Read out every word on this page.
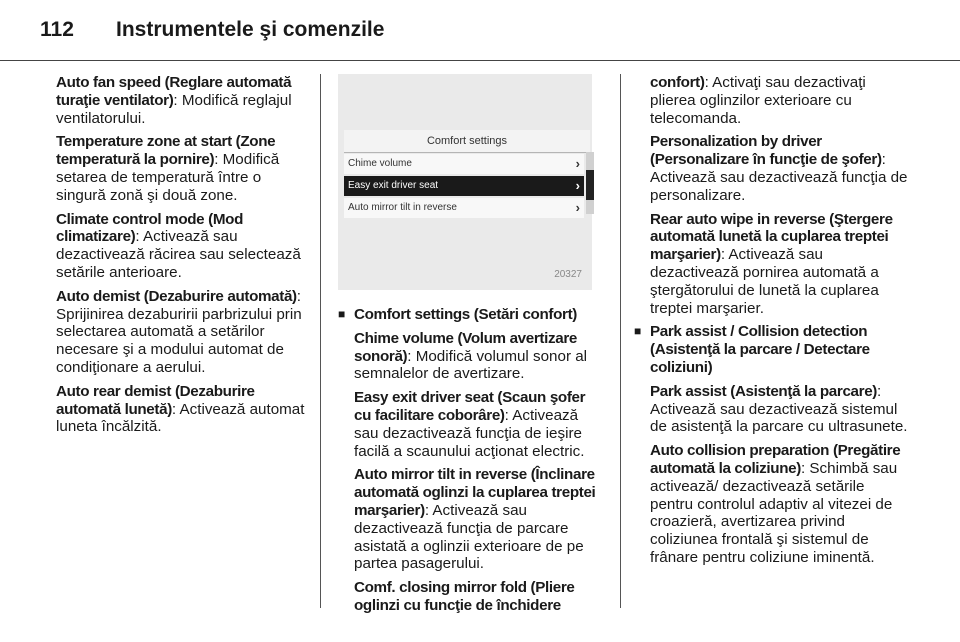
112	Instrumentele şi comenzile

Auto fan speed (Reglare automată turaţie ventilator): Modifică reglajul ventilatorului.

Temperature zone at start (Zone temperatură la pornire): Modifică setarea de temperatură între o singură zonă şi două zone.

Climate control mode (Mod climatizare): Activează sau dezactivează răcirea sau selectează setările anterioare.

Auto demist (Dezaburire automată): Sprijinirea dezaburirii parbrizului prin selectarea automată a setărilor necesare şi a modului automat de condiţionare a aerului.

Auto rear demist (Dezaburire automată lunetă): Activează automat luneta încălzită.

Comfort settings
Chime volume	›
Easy exit driver seat	›
Auto mirror tilt in reverse	›
20327
■ Comfort settings (Setări confort)

Chime volume (Volum avertizare sonoră): Modifică volumul sonor al semnalelor de avertizare.

Easy exit driver seat (Scaun şofer cu facilitare coborâre): Activează sau dezactivează funcţia de ieşire facilă a scaunului acţionat electric.

Auto mirror tilt in reverse (Înclinare automată oglinzi la cuplarea treptei marşarier): Activează sau dezactivează funcţia de parcare asistată a oglinzii exterioare de pe partea pasagerului.

Comf. closing mirror fold (Pliere oglinzi cu funcţie de închidere

confort): Activaţi sau dezactivaţi plierea oglinzilor exterioare cu telecomanda.

Personalization by driver (Personalizare în funcţie de şofer): Activează sau dezactivează funcţia de personalizare.

Rear auto wipe in reverse (Ştergere automată lunetă la cuplarea treptei marşarier): Activează sau dezactivează pornirea automată a ştergătorului de lunetă la cuplarea treptei marşarier.

■ Park assist / Collision detection (Asistenţă la parcare / Detectare coliziuni)

Park assist (Asistenţă la parcare): Activează sau dezactivează sistemul de asistenţă la parcare cu ultrasunete.

Auto collision preparation (Pregătire automată la coliziune): Schimbă sau activează/ dezactivează setările pentru controlul adaptiv al vitezei de croazieră, avertizarea privind coliziunea frontală şi sistemul de frânare pentru coliziune iminentă.
